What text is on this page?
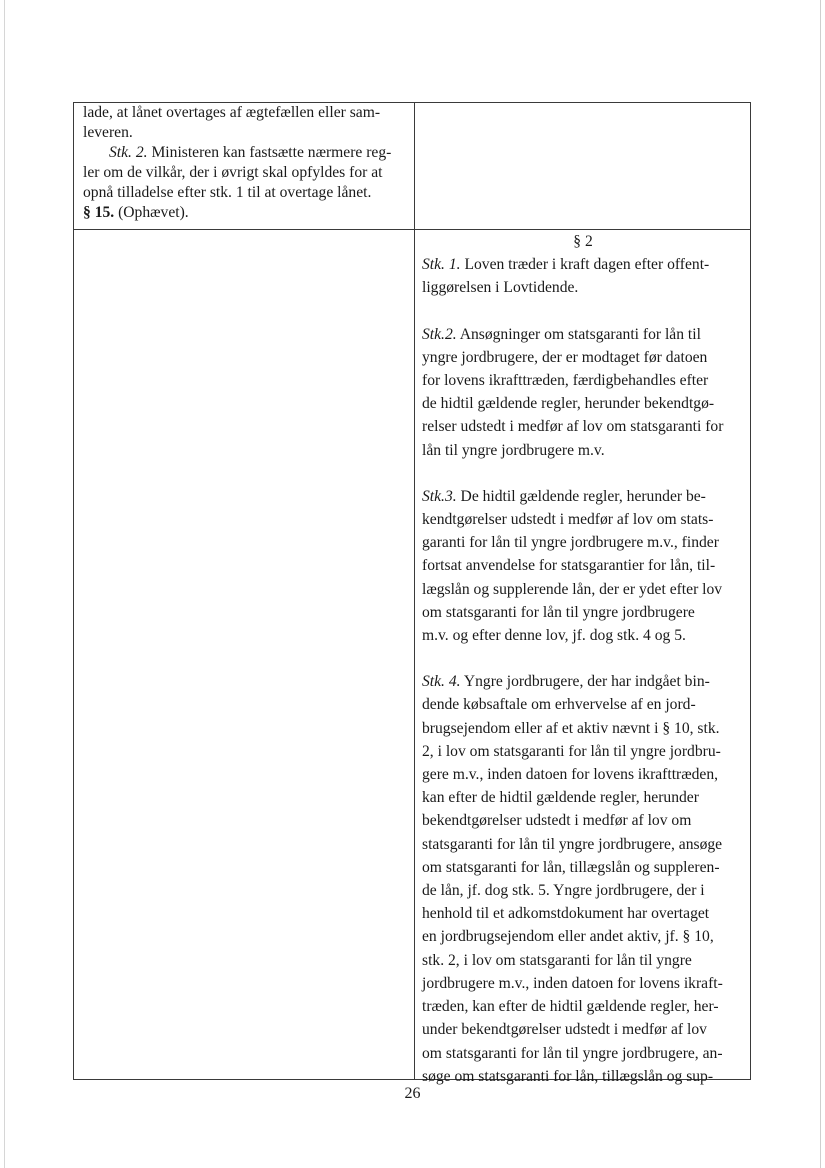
lade, at lånet overtages af ægtefællen eller sam-

leveren.

Stk. 2. Ministeren kan fastsætte nærmere reg-

ler om de vilkår, der i øvrigt skal opfyldes for at

opnå tilladelse efter stk. 1 til at overtage lånet.

§ 15. (Ophævet).

§ 2

Stk. 1. Loven træder i kraft dagen efter offent-

liggørelsen i Lovtidende.

Stk.2. Ansøgninger om statsgaranti for lån til

yngre jordbrugere, der er modtaget før datoen

for lovens ikrafttræden, færdigbehandles efter

de hidtil gældende regler, herunder bekendtgø-

relser udstedt i medfør af lov om statsgaranti for

lån til yngre jordbrugere m.v.

Stk.3. De hidtil gældende regler, herunder be-

kendtgørelser udstedt i medfør af lov om stats-

garanti for lån til yngre jordbrugere m.v., finder

fortsat anvendelse for statsgarantier for lån, til-

lægslån og supplerende lån, der er ydet efter lov

om statsgaranti for lån til yngre jordbrugere

m.v. og efter denne lov, jf. dog stk. 4 og 5.

Stk. 4. Yngre jordbrugere, der har indgået bin-

dende købsaftale om erhvervelse af en jord-

brugsejendom eller af et aktiv nævnt i § 10, stk.

2, i lov om statsgaranti for lån til yngre jordbru-

gere m.v., inden datoen for lovens ikrafttræden,

kan efter de hidtil gældende regler, herunder

bekendtgørelser udstedt i medfør af lov om

statsgaranti for lån til yngre jordbrugere, ansøge

om statsgaranti for lån, tillægslån og suppleren-

de lån, jf. dog stk. 5. Yngre jordbrugere, der i

henhold til et adkomstdokument har overtaget

en jordbrugsejendom eller andet aktiv, jf. § 10,

stk. 2, i lov om statsgaranti for lån til yngre

jordbrugere m.v., inden datoen for lovens ikraft-

træden, kan efter de hidtil gældende regler, her-

under bekendtgørelser udstedt i medfør af lov

om statsgaranti for lån til yngre jordbrugere, an-

søge om statsgaranti for lån, tillægslån og sup-

26
